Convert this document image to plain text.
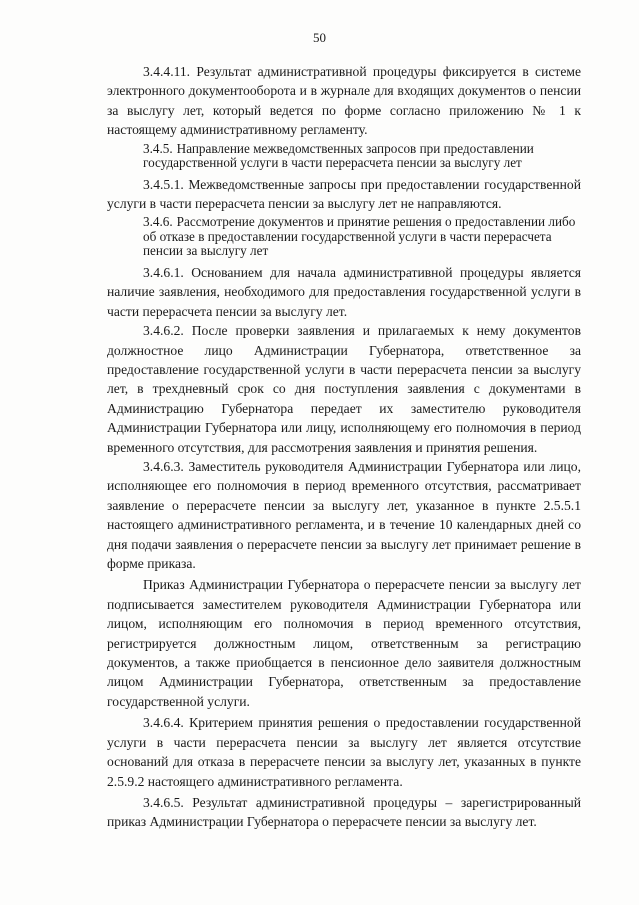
50

3.4.4.11. Результат административной процедуры фиксируется в системе электронного документооборота и в журнале для входящих документов о пенсии за выслугу лет, который ведется по форме согласно приложению № 1 к настоящему административному регламенту.

3.4.5. Направление межведомственных запросов при предоставлении государственной услуги в части перерасчета пенсии за выслугу лет

3.4.5.1. Межведомственные запросы при предоставлении государственной услуги в части перерасчета пенсии за выслугу лет не направляются.

3.4.6. Рассмотрение документов и принятие решения о предоставлении либо об отказе в предоставлении государственной услуги в части перерасчета пенсии за выслугу лет

3.4.6.1. Основанием для начала административной процедуры является наличие заявления, необходимого для предоставления государственной услуги в части перерасчета пенсии за выслугу лет.

3.4.6.2. После проверки заявления и прилагаемых к нему документов должностное лицо Администрации Губернатора, ответственное за предоставление государственной услуги в части перерасчета пенсии за выслугу лет, в трехдневный срок со дня поступления заявления с документами в Администрацию Губернатора передает их заместителю руководителя Администрации Губернатора или лицу, исполняющему его полномочия в период временного отсутствия, для рассмотрения заявления и принятия решения.

3.4.6.3. Заместитель руководителя Администрации Губернатора или лицо, исполняющее его полномочия в период временного отсутствия, рассматривает заявление о перерасчете пенсии за выслугу лет, указанное в пункте 2.5.5.1 настоящего административного регламента, и в течение 10 календарных дней со дня подачи заявления о перерасчете пенсии за выслугу лет принимает решение в форме приказа.

Приказ Администрации Губернатора о перерасчете пенсии за выслугу лет подписывается заместителем руководителя Администрации Губернатора или лицом, исполняющим его полномочия в период временного отсутствия, регистрируется должностным лицом, ответственным за регистрацию документов, а также приобщается в пенсионное дело заявителя должностным лицом Администрации Губернатора, ответственным за предоставление государственной услуги.

3.4.6.4. Критерием принятия решения о предоставлении государственной услуги в части перерасчета пенсии за выслугу лет является отсутствие оснований для отказа в перерасчете пенсии за выслугу лет, указанных в пункте 2.5.9.2 настоящего административного регламента.

3.4.6.5. Результат административной процедуры – зарегистрированный приказ Администрации Губернатора о перерасчете пенсии за выслугу лет.
